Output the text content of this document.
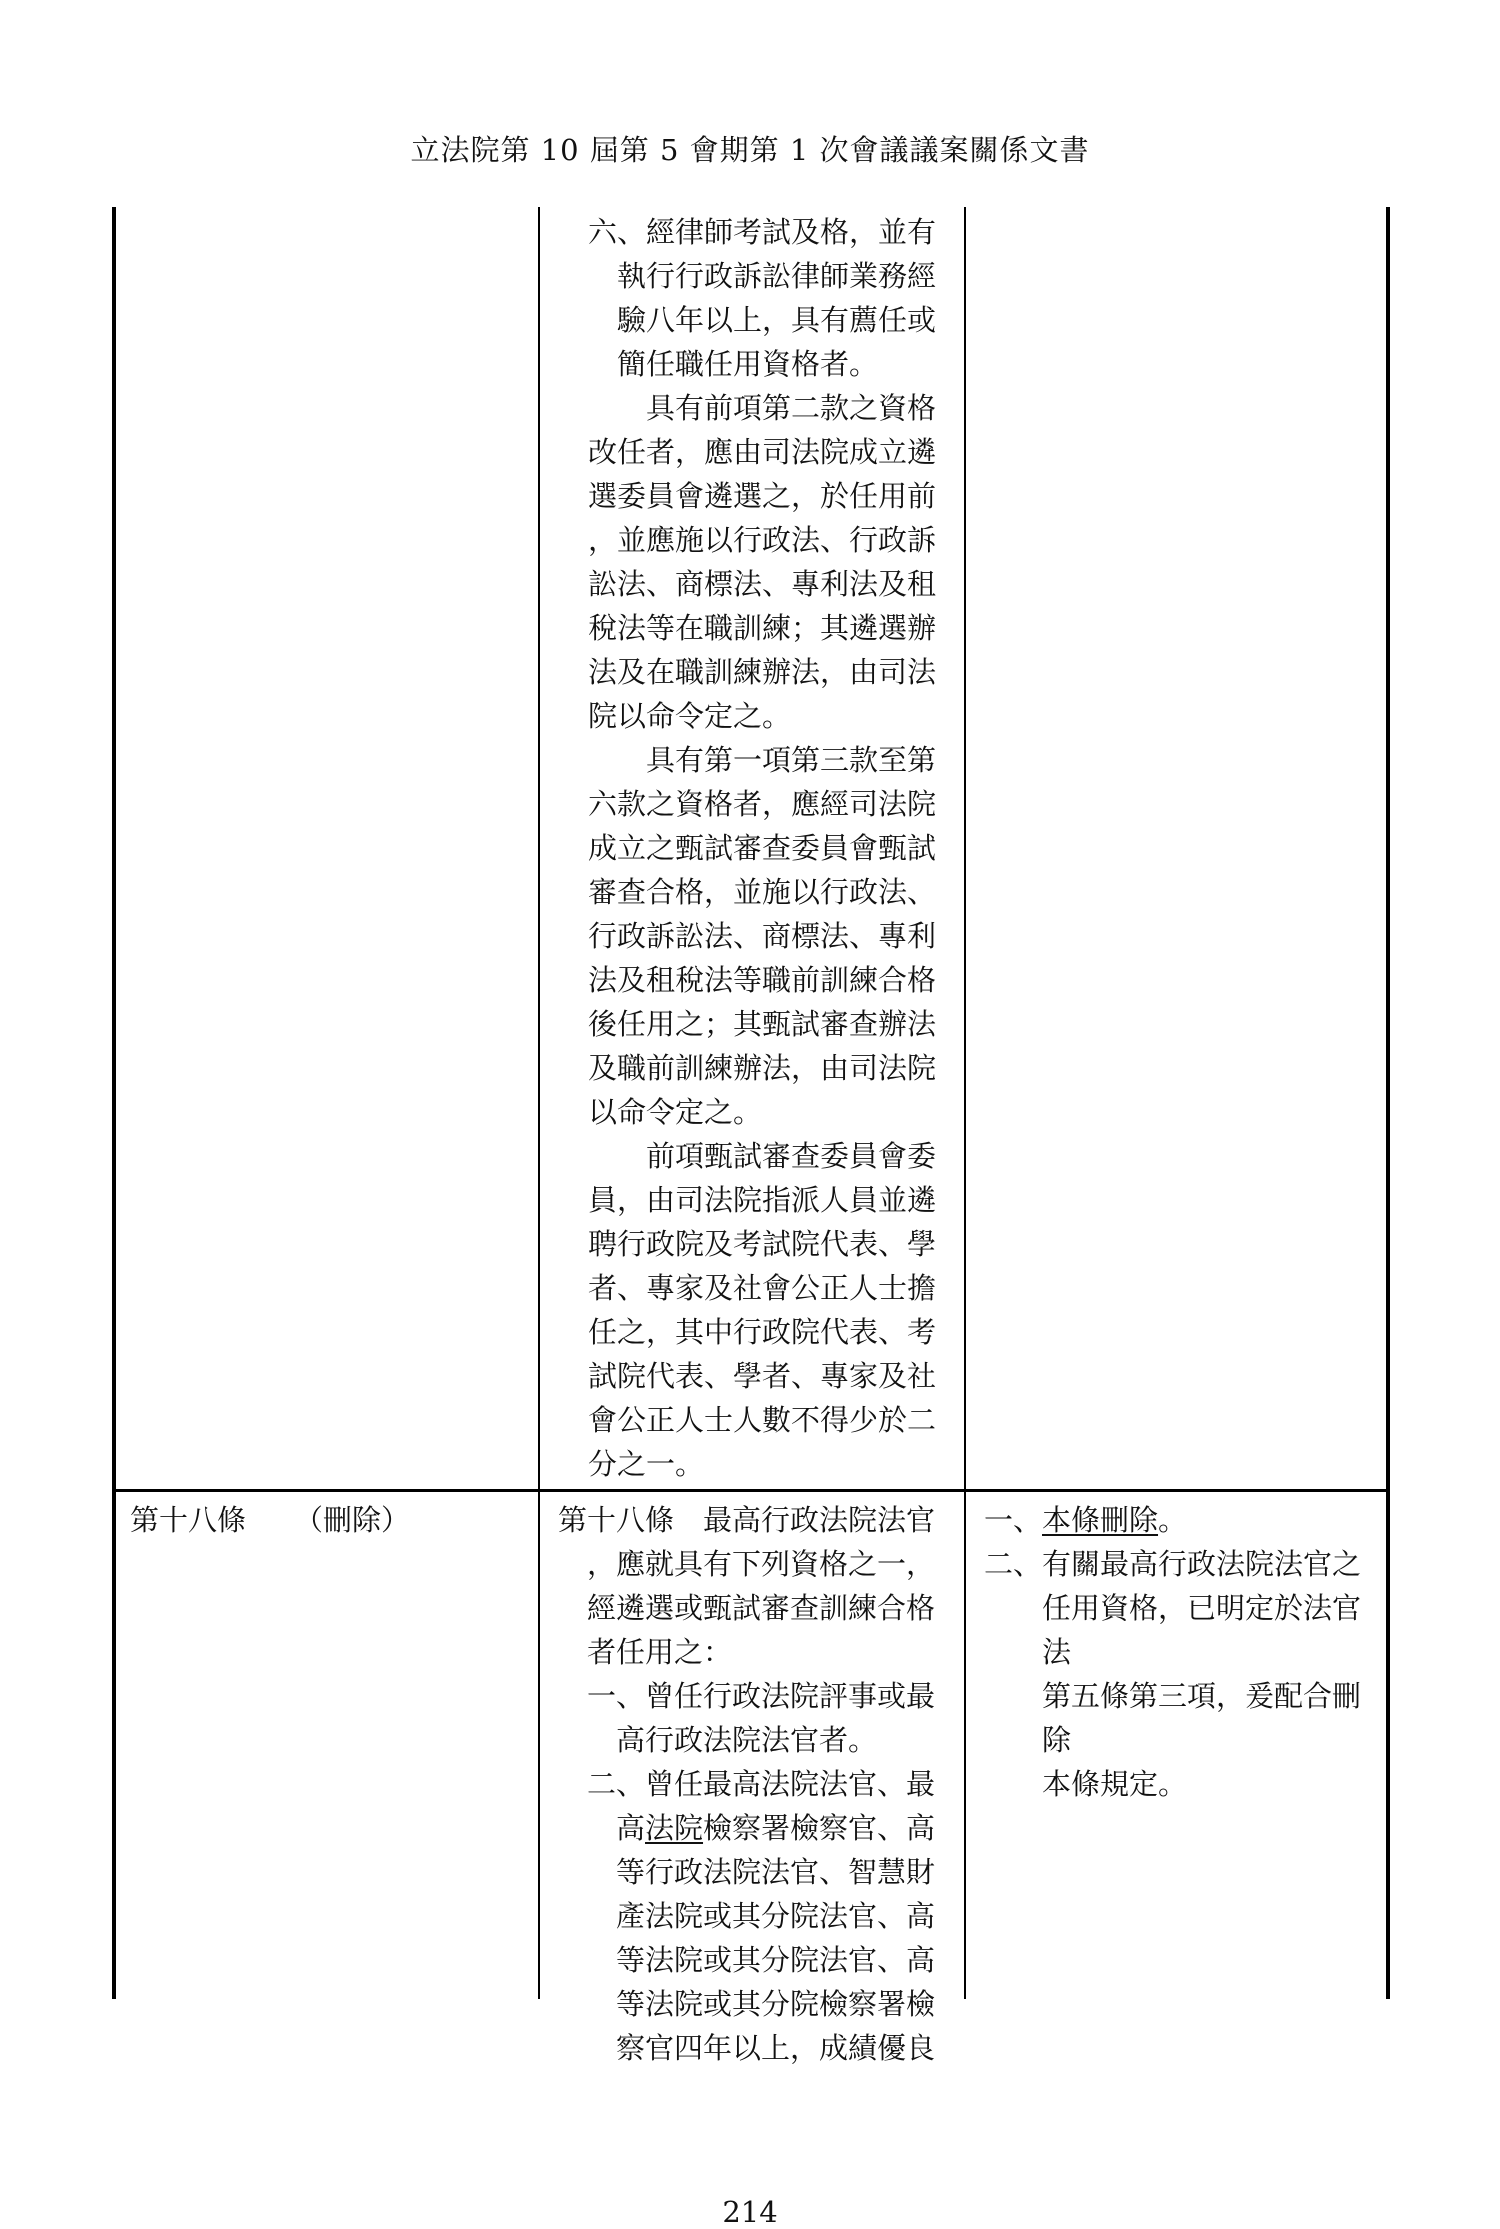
立法院第 10 屆第 5 會期第 1 次會議議案關係文書

六、經律師考試及格，並有

執行行政訴訟律師業務經

驗八年以上，具有薦任或

簡任職任用資格者。

具有前項第二款之資格

改任者，應由司法院成立遴

選委員會遴選之，於任用前

，並應施以行政法、行政訴

訟法、商標法、專利法及租

稅法等在職訓練；其遴選辦

法及在職訓練辦法，由司法

院以命令定之。

具有第一項第三款至第

六款之資格者，應經司法院

成立之甄試審查委員會甄試

審查合格，並施以行政法、

行政訴訟法、商標法、專利

法及租稅法等職前訓練合格

後任用之；其甄試審查辦法

及職前訓練辦法，由司法院

以命令定之。

前項甄試審查委員會委

員，由司法院指派人員並遴

聘行政院及考試院代表、學

者、專家及社會公正人士擔

任之，其中行政院代表、考

試院代表、學者、專家及社

會公正人士人數不得少於二

分之一。

第十八條 （刪除）	第十八條 最高行政法院法官

，應就具有下列資格之一，

經遴選或甄試審查訓練合格

者任用之：

一、曾任行政法院評事或最

高行政法院法官者。

二、曾任最高法院法官、最

高法院檢察署檢察官、高

等行政法院法官、智慧財

產法院或其分院法官、高

等法院或其分院法官、高

等法院或其分院檢察署檢

察官四年以上，成績優良

一、本條刪除。

二、有關最高行政法院法官之

任用資格，已明定於法官法

第五條第三項，爰配合刪除

本條規定。

214
